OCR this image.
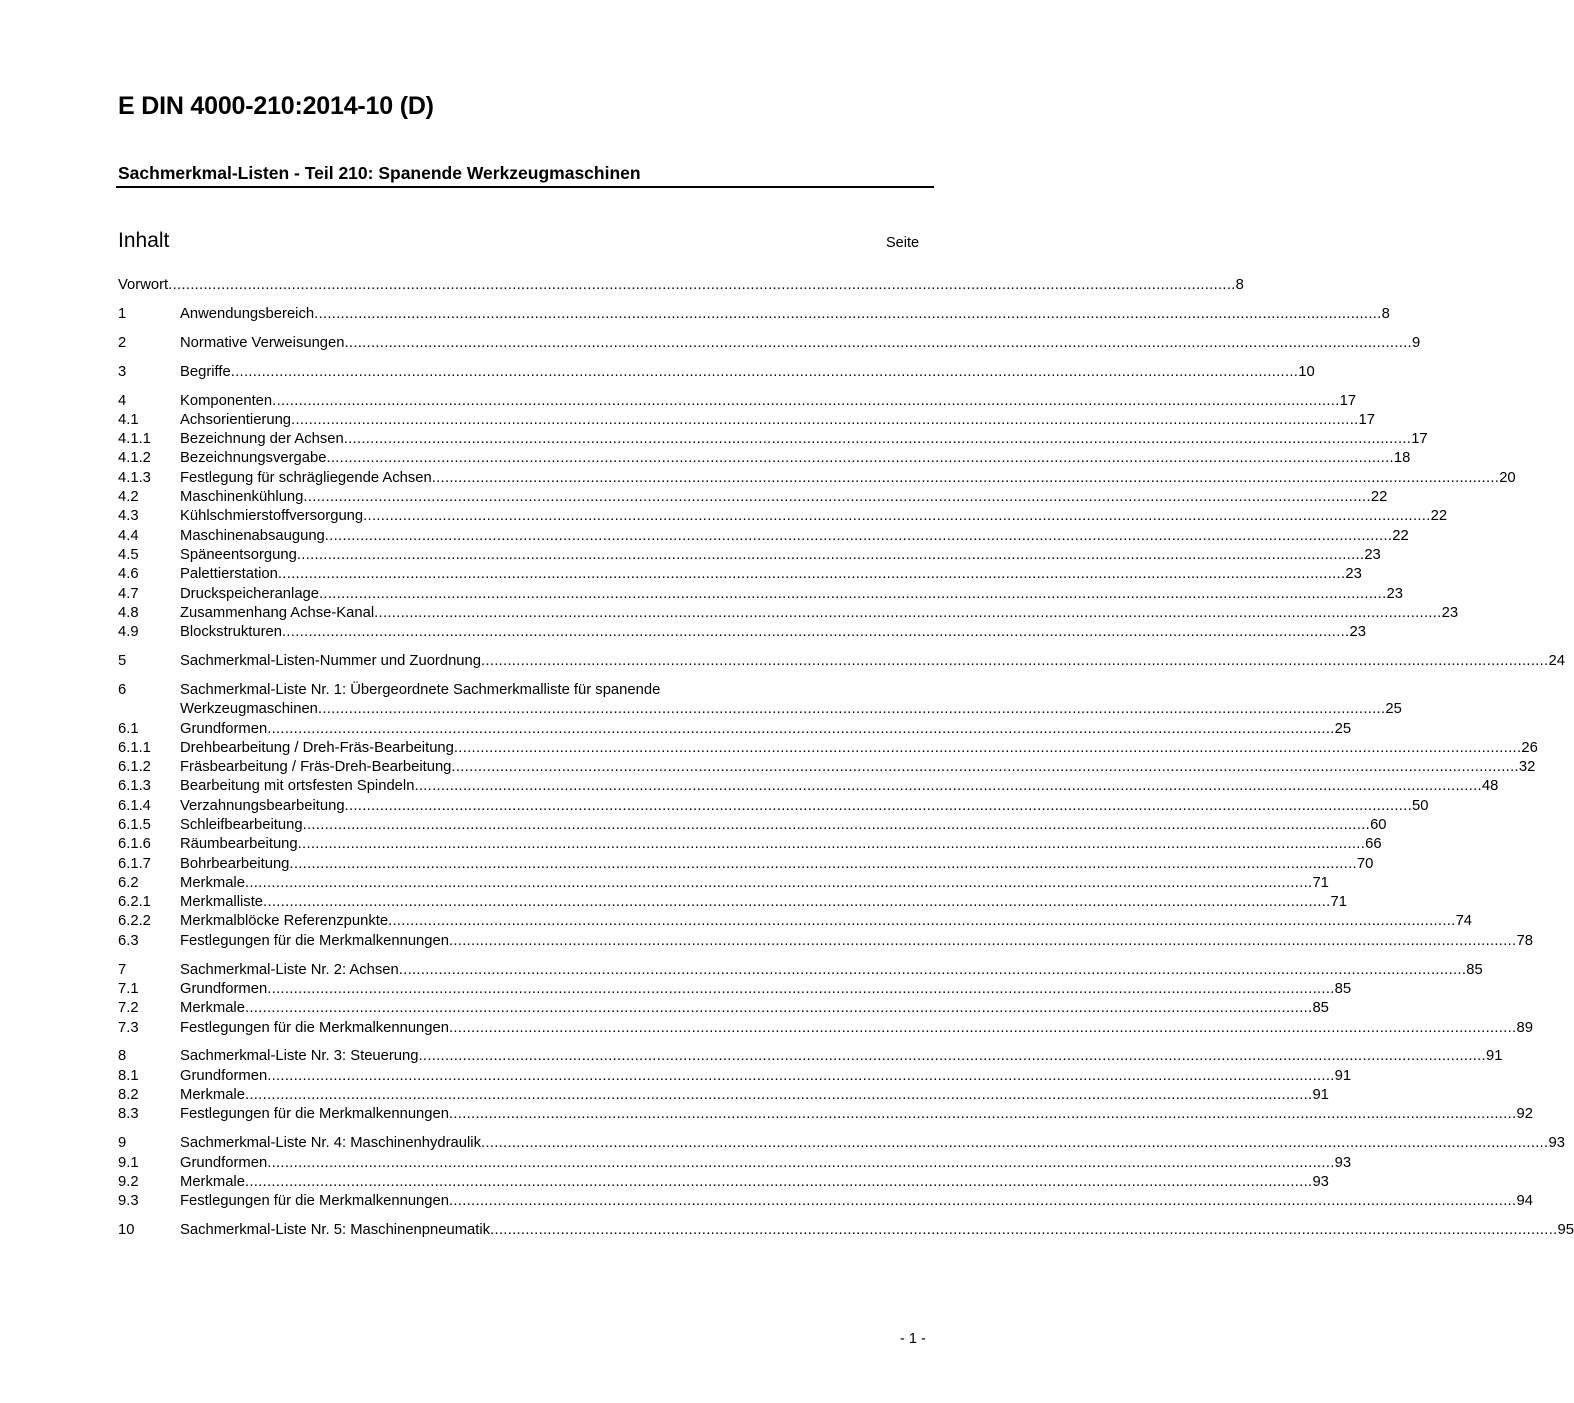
E DIN 4000-210:2014-10 (D)
Sachmerkmal-Listen - Teil 210: Spanende Werkzeugmaschinen
Inhalt	Seite
Vorwort .....	8
1	Anwendungsbereich .....	8
2	Normative Verweisungen .....	9
3	Begriffe .....	10
4	Komponenten .....	17
4.1	Achsorientierung .....	17
4.1.1	Bezeichnung der Achsen .....	17
4.1.2	Bezeichnungsvergabe .....	18
4.1.3	Festlegung für schrägliegende Achsen .....	20
4.2	Maschinenkühlung .....	22
4.3	Kühlschmierstoffversorgung .....	22
4.4	Maschinenabsaugung .....	22
4.5	Späneentsorgung .....	23
4.6	Palettierstation .....	23
4.7	Druckspeicheranlage .....	23
4.8	Zusammenhang Achse-Kanal .....	23
4.9	Blockstrukturen .....	23
5	Sachmerkmal-Listen-Nummer und Zuordnung .....	24
6	Sachmerkmal-Liste Nr. 1: Übergeordnete Sachmerkmalliste für spanende
Werkzeugmaschinen .....	25
6.1	Grundformen .....	25
6.1.1	Drehbearbeitung / Dreh-Fräs-Bearbeitung .....	26
6.1.2	Fräsbearbeitung / Fräs-Dreh-Bearbeitung .....	32
6.1.3	Bearbeitung mit ortsfesten Spindeln .....	48
6.1.4	Verzahnungsbearbeitung .....	50
6.1.5	Schleifbearbeitung .....	60
6.1.6	Räumbearbeitung .....	66
6.1.7	Bohrbearbeitung .....	70
6.2	Merkmale .....	71
6.2.1	Merkmalliste .....	71
6.2.2	Merkmalblöcke Referenzpunkte .....	74
6.3	Festlegungen für die Merkmalkennungen .....	78
7	Sachmerkmal-Liste Nr. 2: Achsen .....	85
7.1	Grundformen .....	85
7.2	Merkmale .....	85
7.3	Festlegungen für die Merkmalkennungen .....	89
8	Sachmerkmal-Liste Nr. 3: Steuerung .....	91
8.1	Grundformen .....	91
8.2	Merkmale .....	91
8.3	Festlegungen für die Merkmalkennungen .....	92
9	Sachmerkmal-Liste Nr. 4: Maschinenhydraulik .....	93
9.1	Grundformen .....	93
9.2	Merkmale .....	93
9.3	Festlegungen für die Merkmalkennungen .....	94
10	Sachmerkmal-Liste Nr. 5: Maschinenpneumatik .....	95
- 1 -
